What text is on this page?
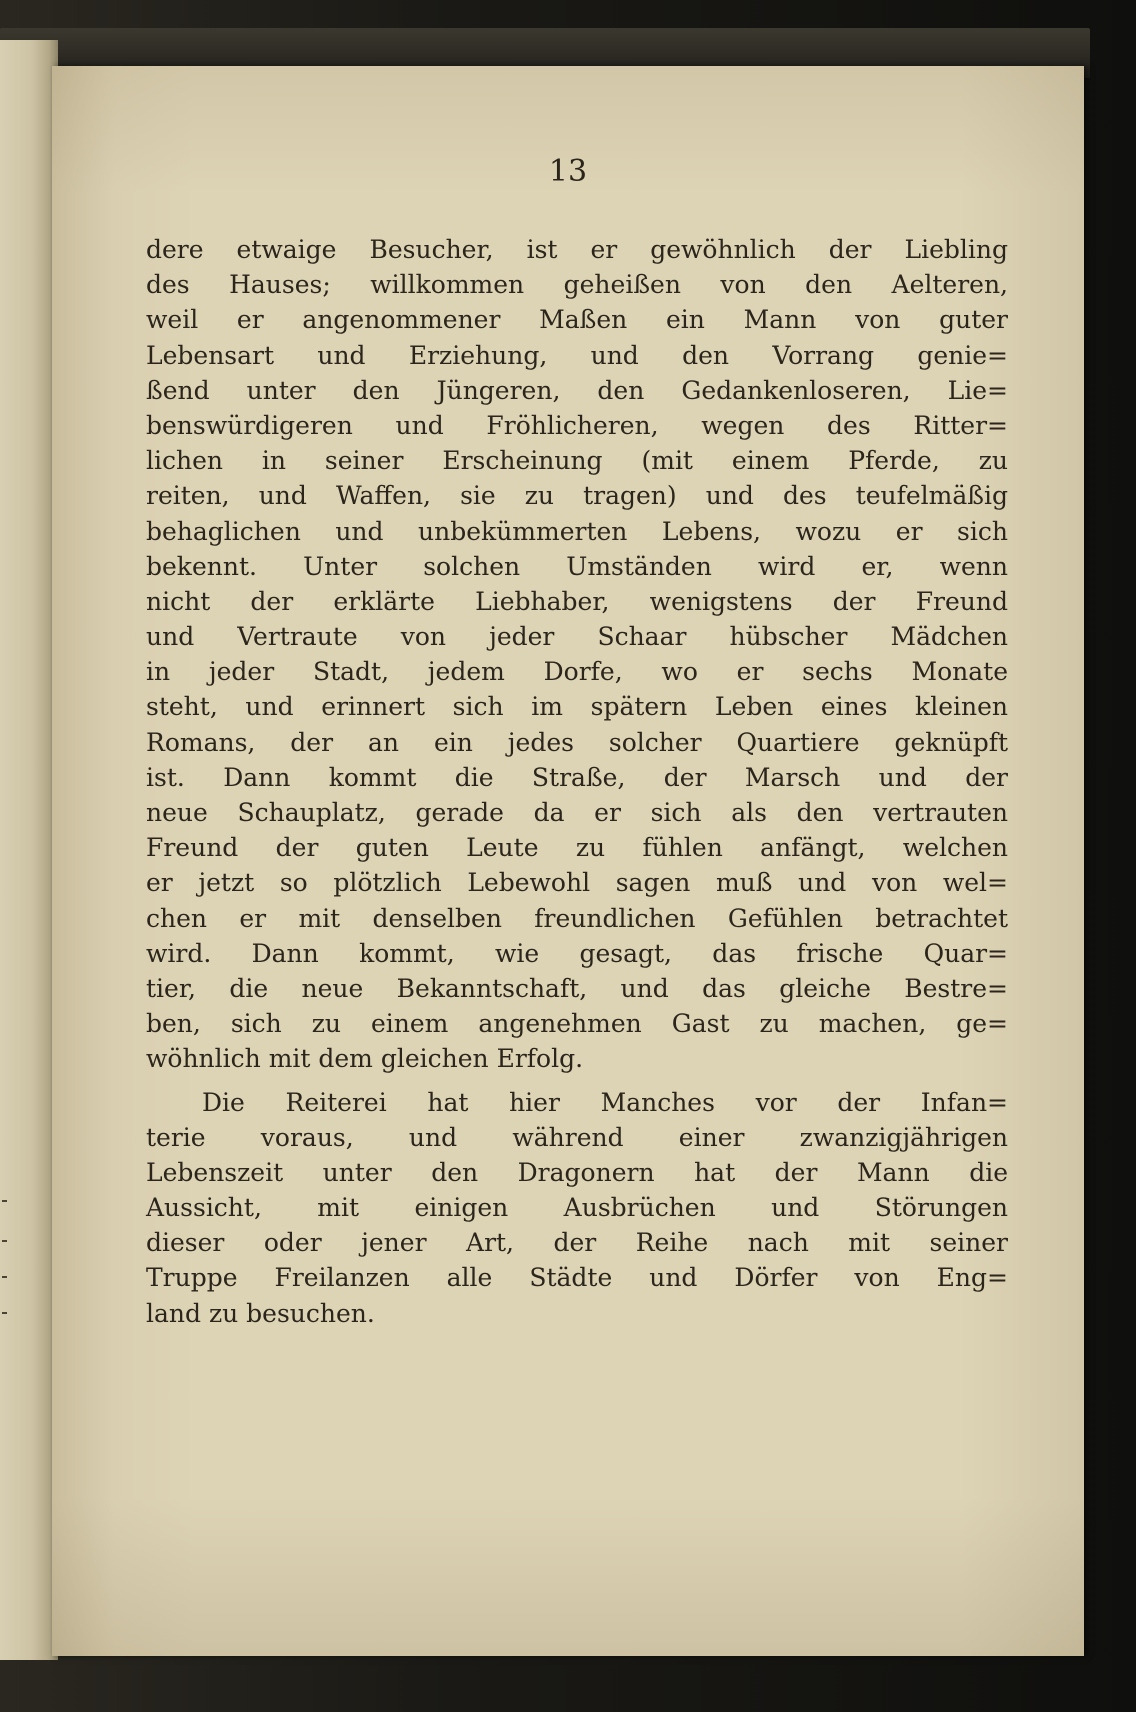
13

dere etwaige Besucher, ist er gewöhnlich der Liebling
des Hauses; willkommen geheißen von den Aelteren,
weil er angenommener Maßen ein Mann von guter
Lebensart und Erziehung, und den Vorrang genie=
ßend unter den Jüngeren, den Gedankenloseren, Lie=
benswürdigeren und Fröhlicheren, wegen des Ritter=
lichen in seiner Erscheinung (mit einem Pferde, zu
reiten, und Waffen, sie zu tragen) und des teufelmäßig
behaglichen und unbekümmerten Lebens, wozu er sich
bekennt. Unter solchen Umständen wird er, wenn
nicht der erklärte Liebhaber, wenigstens der Freund
und Vertraute von jeder Schaar hübscher Mädchen
in jeder Stadt, jedem Dorfe, wo er sechs Monate
steht, und erinnert sich im spätern Leben eines kleinen
Romans, der an ein jedes solcher Quartiere geknüpft
ist. Dann kommt die Straße, der Marsch und der
neue Schauplatz, gerade da er sich als den vertrauten
Freund der guten Leute zu fühlen anfängt, welchen
er jetzt so plötzlich Lebewohl sagen muß und von wel=
chen er mit denselben freundlichen Gefühlen betrachtet
wird. Dann kommt, wie gesagt, das frische Quar=
tier, die neue Bekanntschaft, und das gleiche Bestre=
ben, sich zu einem angenehmen Gast zu machen, ge=
wöhnlich mit dem gleichen Erfolg.
Die Reiterei hat hier Manches vor der Infan=
terie voraus, und während einer zwanzigjährigen
Lebenszeit unter den Dragonern hat der Mann die
Aussicht, mit einigen Ausbrüchen und Störungen
dieser oder jener Art, der Reihe nach mit seiner
Truppe Freilanzen alle Städte und Dörfer von Eng=
land zu besuchen.
